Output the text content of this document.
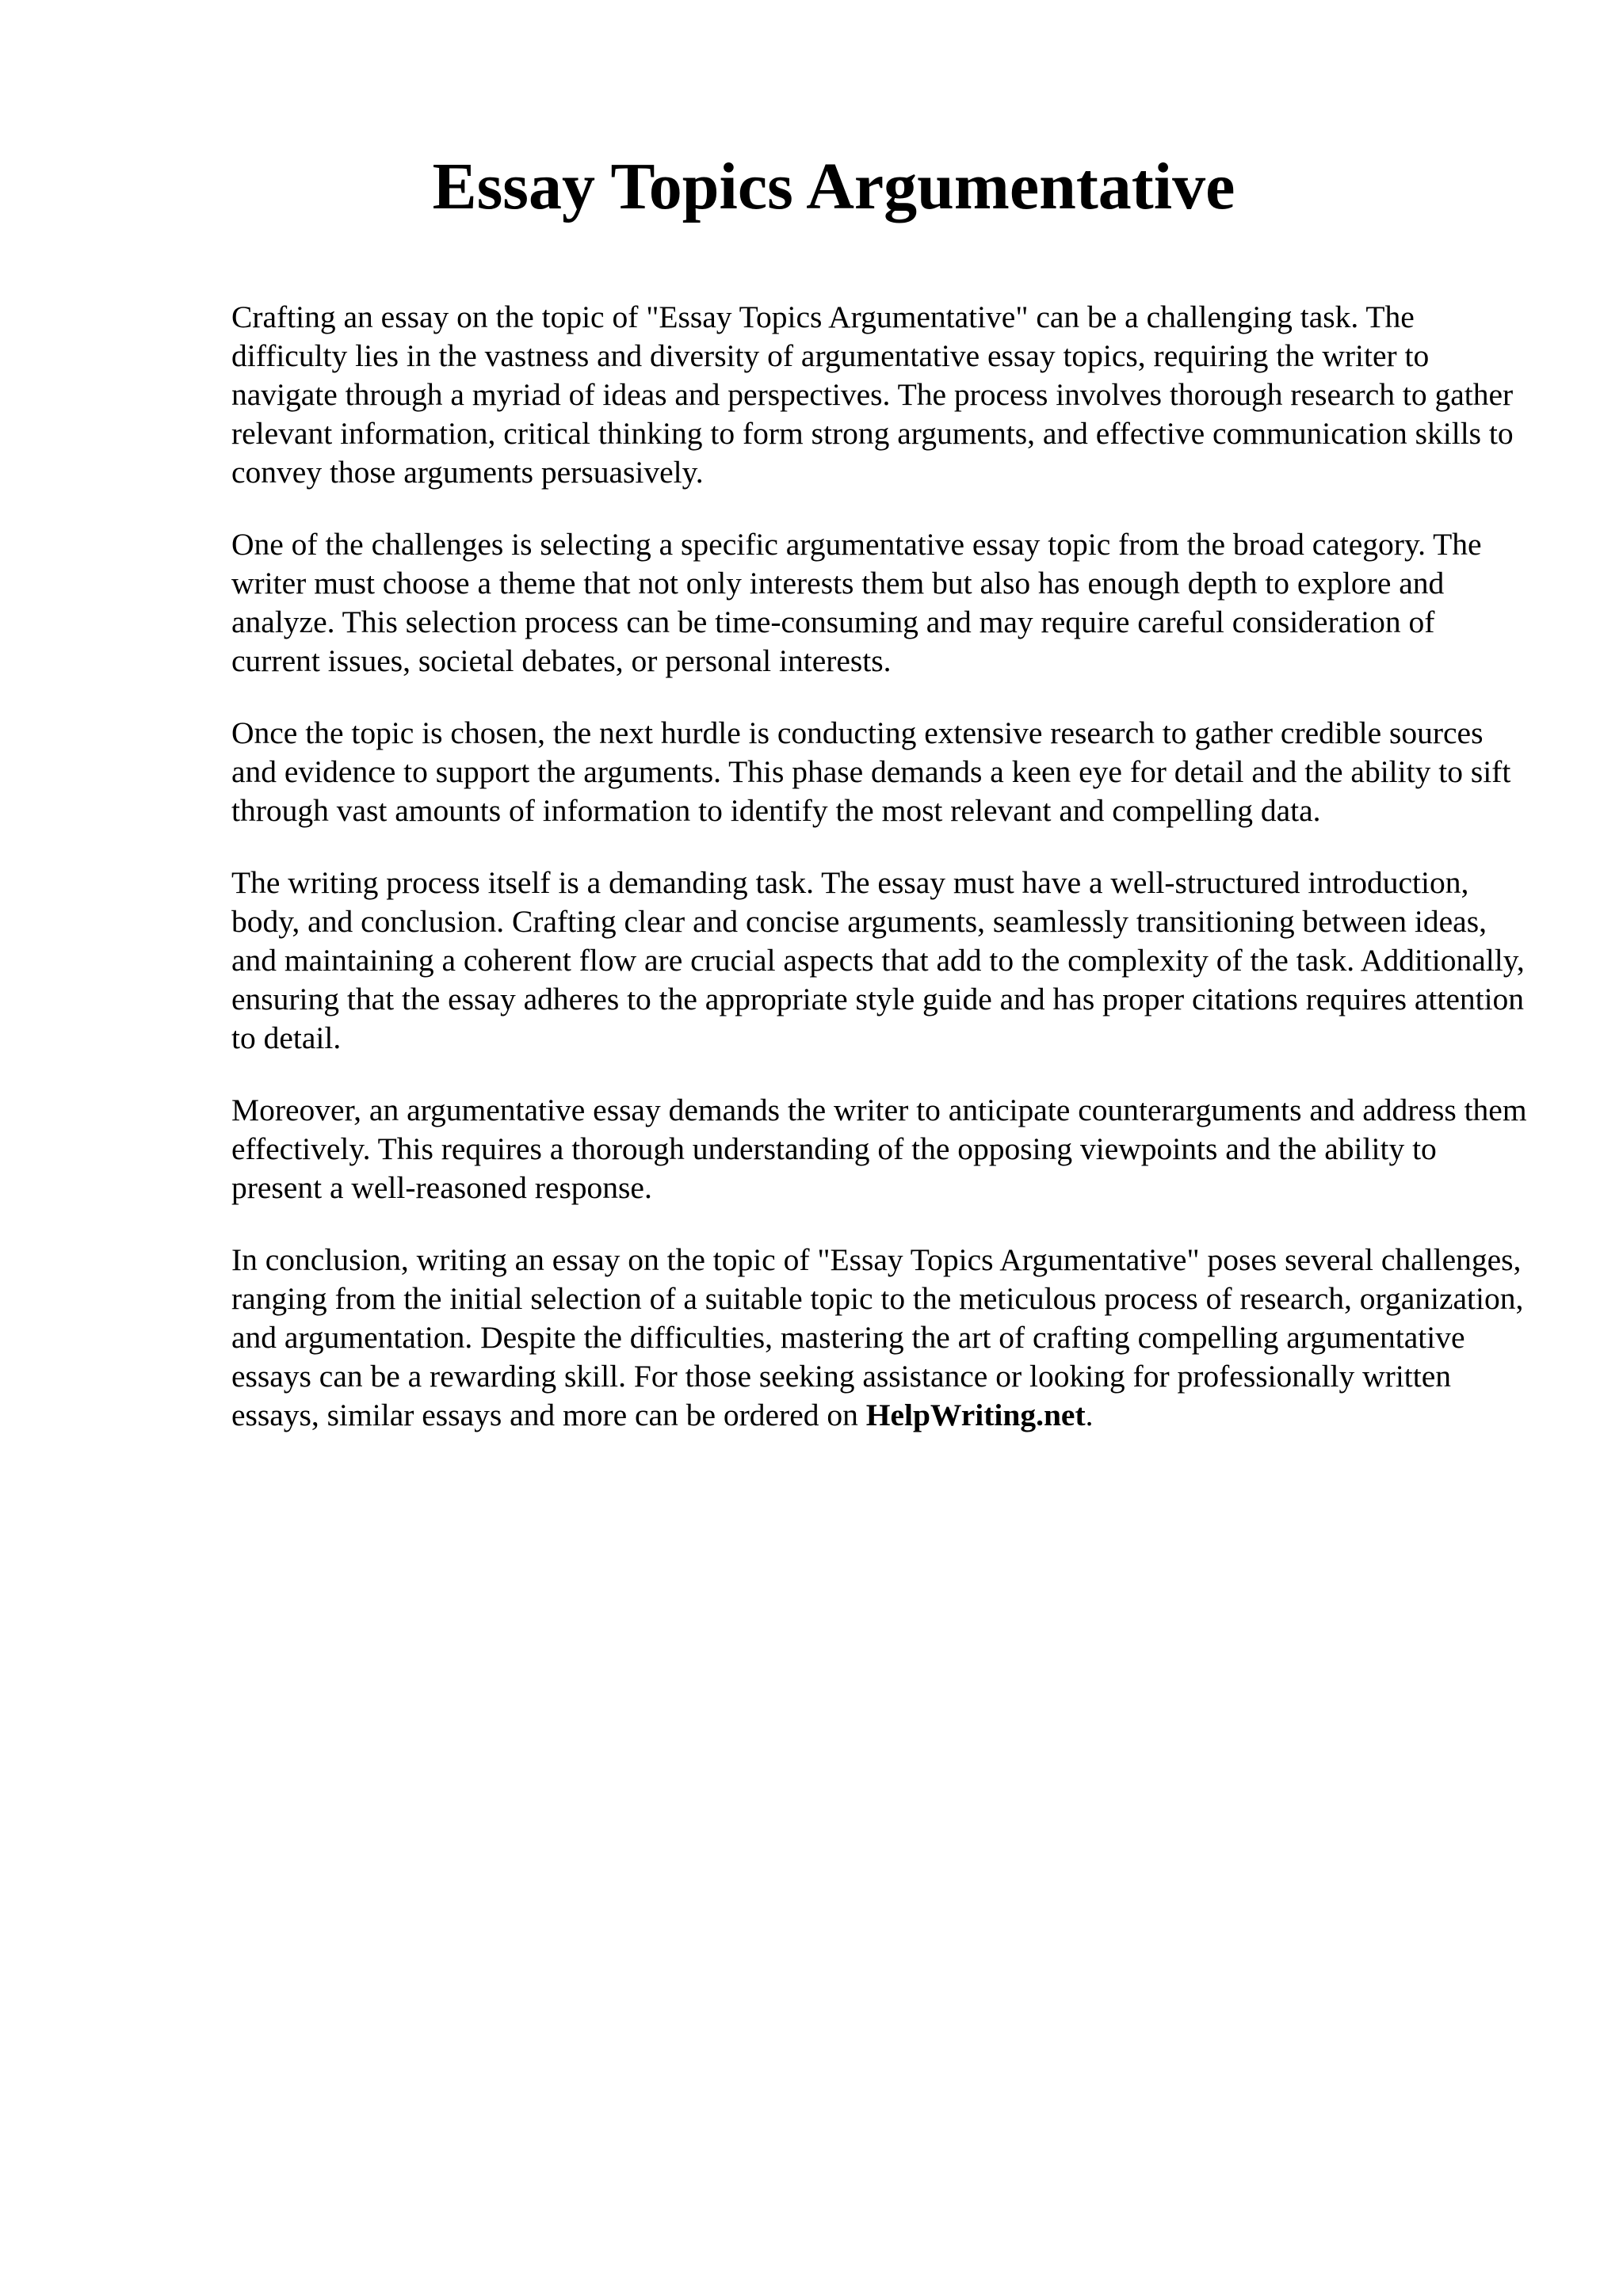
Essay Topics Argumentative

Crafting an essay on the topic of "Essay Topics Argumentative" can be a challenging task. The difficulty lies in the vastness and diversity of argumentative essay topics, requiring the writer to navigate through a myriad of ideas and perspectives. The process involves thorough research to gather relevant information, critical thinking to form strong arguments, and effective communication skills to convey those arguments persuasively.

One of the challenges is selecting a specific argumentative essay topic from the broad category. The writer must choose a theme that not only interests them but also has enough depth to explore and analyze. This selection process can be time-consuming and may require careful consideration of current issues, societal debates, or personal interests.

Once the topic is chosen, the next hurdle is conducting extensive research to gather credible sources and evidence to support the arguments. This phase demands a keen eye for detail and the ability to sift through vast amounts of information to identify the most relevant and compelling data.

The writing process itself is a demanding task. The essay must have a well-structured introduction, body, and conclusion. Crafting clear and concise arguments, seamlessly transitioning between ideas, and maintaining a coherent flow are crucial aspects that add to the complexity of the task. Additionally, ensuring that the essay adheres to the appropriate style guide and has proper citations requires attention to detail.

Moreover, an argumentative essay demands the writer to anticipate counterarguments and address them effectively. This requires a thorough understanding of the opposing viewpoints and the ability to present a well-reasoned response.

In conclusion, writing an essay on the topic of "Essay Topics Argumentative" poses several challenges, ranging from the initial selection of a suitable topic to the meticulous process of research, organization, and argumentation. Despite the difficulties, mastering the art of crafting compelling argumentative essays can be a rewarding skill. For those seeking assistance or looking for professionally written essays, similar essays and more can be ordered on HelpWriting.net.
